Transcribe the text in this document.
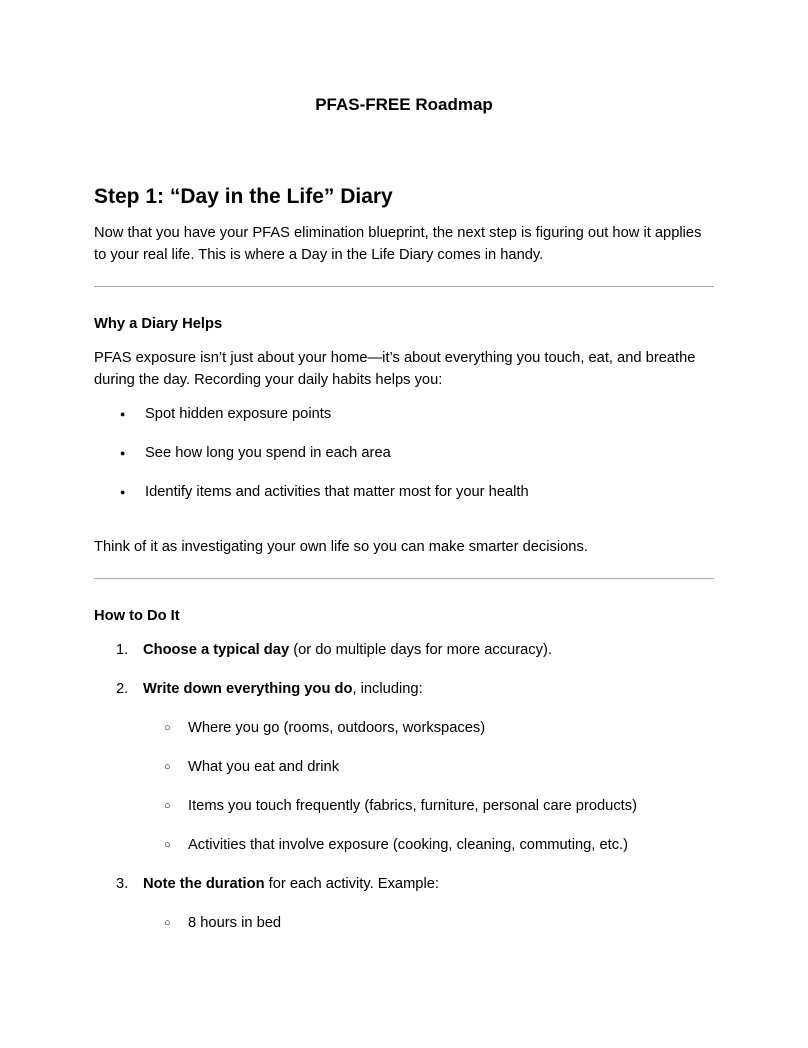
PFAS-FREE Roadmap
Step 1: “Day in the Life” Diary

Now that you have your PFAS elimination blueprint, the next step is figuring out how it applies to your real life. This is where a Day in the Life Diary comes in handy.

Why a Diary Helps

PFAS exposure isn’t just about your home—it’s about everything you touch, eat, and breathe during the day. Recording your daily habits helps you:

●	Spot hidden exposure points
●	See how long you spend in each area
●	Identify items and activities that matter most for your health

Think of it as investigating your own life so you can make smarter decisions.

How to Do It
1.	Choose a typical day (or do multiple days for more accuracy).
2.	Write down everything you do, including:
○	Where you go (rooms, outdoors, workspaces)
○	What you eat and drink
○	Items you touch frequently (fabrics, furniture, personal care products)
○	Activities that involve exposure (cooking, cleaning, commuting, etc.)
3.	Note the duration for each activity. Example:
○	8 hours in bed
